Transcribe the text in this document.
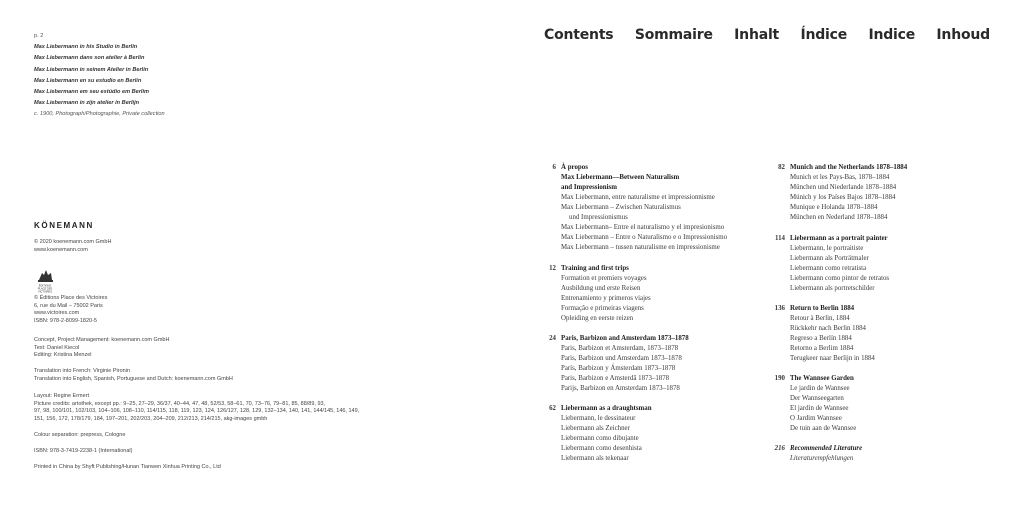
p. 2
Max Liebermann in his Studio in Berlin
Max Liebermann dans son atelier à Berlin
Max Liebermann in seinem Atelier in Berlin
Max Liebermann en su estudio en Berlín
Max Liebermann em seu estúdio em Berlim
Max Liebermann in zijn atelier in Berlijn
c. 1900, Photograph/Photographie, Private collection
KÖNEMANN
© 2020 koenemann.com GmbH
www.koenemann.com
ÉDITIONS
PLACE DES
VICTOIRES
© Éditions Place des Victoires
6, rue du Mail – 75002 Paris
www.victoires.com
ISBN: 978-2-8099-1820-5
Concept, Project Management: koenemann.com GmbH
Text: Daniel Kiecol
Editing: Kristina Menzel
Translation into French: Virginie Pironin
Translation into English, Spanish, Portuguese and Dutch: koenemann.com GmbH
Layout: Regine Ermert
Picture credits: artothek, except pp.: 9–25, 27–29, 36/37, 40–44, 47, 48, 52/53, 58–61, 70, 73–76, 79–81, 85, 88/89, 93,
97, 98, 100/101, 102/103, 104–106, 108–110, 114/115, 118, 119, 123, 124, 126/127, 128, 129, 132–134, 140, 141, 144/145, 146, 149,
151, 156, 172, 178/179, 184, 197–201, 202/203, 204–209, 212/213, 214/215, akg-images gmbh
Colour separation: prepress, Cologne
ISBN: 978-3-7419-2238-1 (International)
Printed in China by Shyft Publishing/Hunan Tianwen Xinhua Printing Co., Ltd
Contents Sommaire Inhalt Índice Indice Inhoud
6 À propos
Max Liebermann—Between Naturalism
and Impressionism
Max Liebermann, entre naturalisme et impressionnisme
Max Liebermann – Zwischen Naturalismus
und Impressionismus
Max Liebermann– Entre el naturalismo y el impresionismo
Max Liebermann – Entre o Naturalismo e o Impressionismo
Max Liebermann – tussen naturalisme en impressionisme
12 Training and first trips
Formation et premiers voyages
Ausbildung und erste Reisen
Entrenamiento y primeros viajes
Formação e primeiras viagens
Opleiding en eerste reizen
24 Paris, Barbizon and Amsterdam 1873–1878
Paris, Barbizon et Amsterdam, 1873–1878
Paris, Barbizon und Amsterdam 1873–1878
París, Barbizon y Ámsterdam 1873–1878
Paris, Barbizon e Amsterdã 1873–1878
Parijs, Barbizon en Amsterdam 1873–1878
62 Liebermann as a draughtsman
Liebermann, le dessinateur
Liebermann als Zeichner
Liebermann como dibujante
Liebermann como desenhista
Liebermann als tekenaar
82 Munich and the Netherlands 1878–1884
Munich et les Pays-Bas, 1878–1884
München und Niederlande 1878–1884
Múnich y los Países Bajos 1878–1884
Munique e Holanda 1878–1884
München en Nederland 1878–1884
114 Liebermann as a portrait painter
Liebermann, le portraitiste
Liebermann als Porträtmaler
Liebermann como retratista
Liebermann como pintor de retratos
Liebermann als portretschilder
136 Return to Berlin 1884
Retour à Berlin, 1884
Rückkehr nach Berlin 1884
Regreso a Berlín 1884
Retorno a Berlim 1884
Terugkeer naar Berlijn in 1884
190 The Wannsee Garden
Le jardin de Wannsee
Der Wannseegarten
El jardín de Wannsee
O Jardim Wannsee
De tuin aan de Wannsee
216 Recommended Literature
Literaturempfehlungen
